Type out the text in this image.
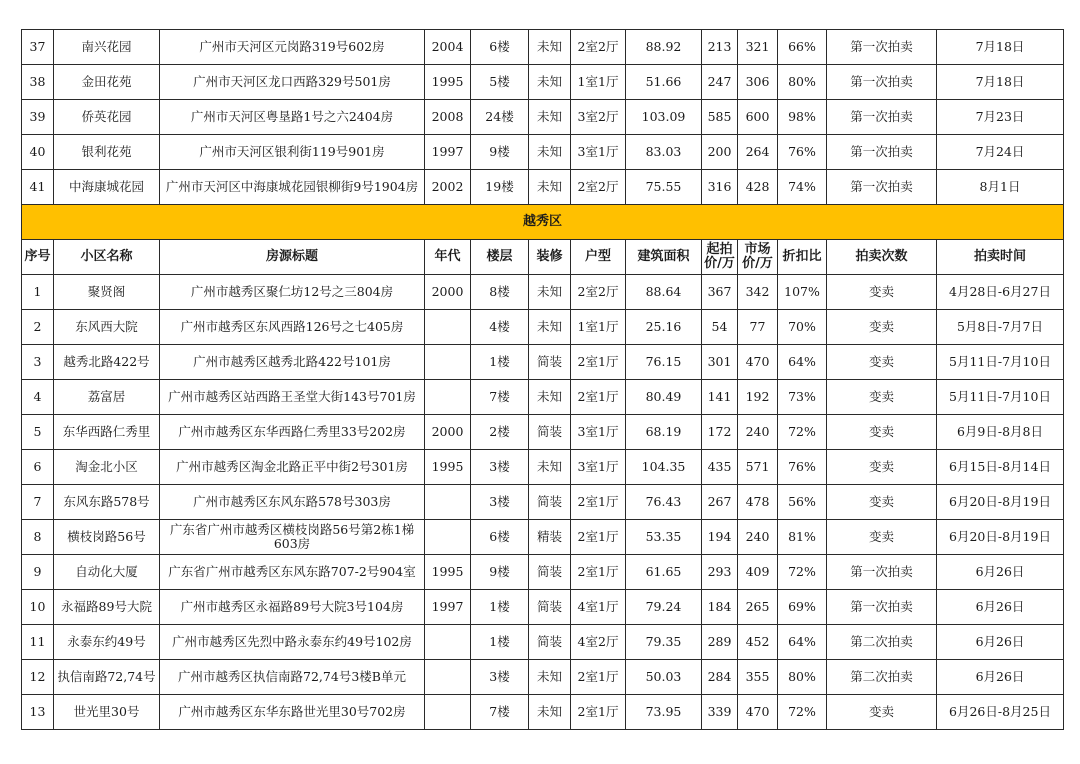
37	南兴花园	广州市天河区元岗路319号602房	2004	6楼	未知	2室2厅	88.92	213	321	66%	第一次拍卖	7月18日
38	金田花苑	广州市天河区龙口西路329号501房	1995	5楼	未知	1室1厅	51.66	247	306	80%	第一次拍卖	7月18日
39	侨英花园	广州市天河区粤垦路1号之六2404房	2008	24楼	未知	3室2厅	103.09	585	600	98%	第一次拍卖	7月23日
40	银利花苑	广州市天河区银利街119号901房	1997	9楼	未知	3室1厅	83.03	200	264	76%	第一次拍卖	7月24日
41	中海康城花园	广州市天河区中海康城花园银柳街9号1904房	2002	19楼	未知	2室2厅	75.55	316	428	74%	第一次拍卖	8月1日
越秀区												
序号	小区名称	房源标题	年代	楼层	装修	户型	建筑面积	起拍价/万	市场价/万	折扣比	拍卖次数	拍卖时间
1	聚贤阁	广州市越秀区聚仁坊12号之三804房	2000	8楼	未知	2室2厅	88.64	367	342	107%	变卖	4月28日-6月27日
2	东风西大院	广州市越秀区东风西路126号之七405房		4楼	未知	1室1厅	25.16	54	77	70%	变卖	5月8日-7月7日
3	越秀北路422号	广州市越秀区越秀北路422号101房		1楼	简装	2室1厅	76.15	301	470	64%	变卖	5月11日-7月10日
4	荔富居	广州市越秀区站西路王圣堂大街143号701房		7楼	未知	2室1厅	80.49	141	192	73%	变卖	5月11日-7月10日
5	东华西路仁秀里	广州市越秀区东华西路仁秀里33号202房	2000	2楼	简装	3室1厅	68.19	172	240	72%	变卖	6月9日-8月8日
6	淘金北小区	广州市越秀区淘金北路正平中街2号301房	1995	3楼	未知	3室1厅	104.35	435	571	76%	变卖	6月15日-8月14日
7	东风东路578号	广州市越秀区东风东路578号303房		3楼	简装	2室1厅	76.43	267	478	56%	变卖	6月20日-8月19日
8	横枝岗路56号	广东省广州市越秀区横枝岗路56号第2栋1梯603房		6楼	精装	2室1厅	53.35	194	240	81%	变卖	6月20日-8月19日
9	自动化大厦	广东省广州市越秀区东风东路707-2号904室	1995	9楼	简装	2室1厅	61.65	293	409	72%	第一次拍卖	6月26日
10	永福路89号大院	广州市越秀区永福路89号大院3号104房	1997	1楼	简装	4室1厅	79.24	184	265	69%	第一次拍卖	6月26日
11	永泰东约49号	广州市越秀区先烈中路永泰东约49号102房		1楼	简装	4室2厅	79.35	289	452	64%	第二次拍卖	6月26日
12	执信南路72,74号	广州市越秀区执信南路72,74号3楼B单元		3楼	未知	2室1厅	50.03	284	355	80%	第二次拍卖	6月26日
13	世光里30号	广州市越秀区东华东路世光里30号702房		7楼	未知	2室1厅	73.95	339	470	72%	变卖	6月26日-8月25日
